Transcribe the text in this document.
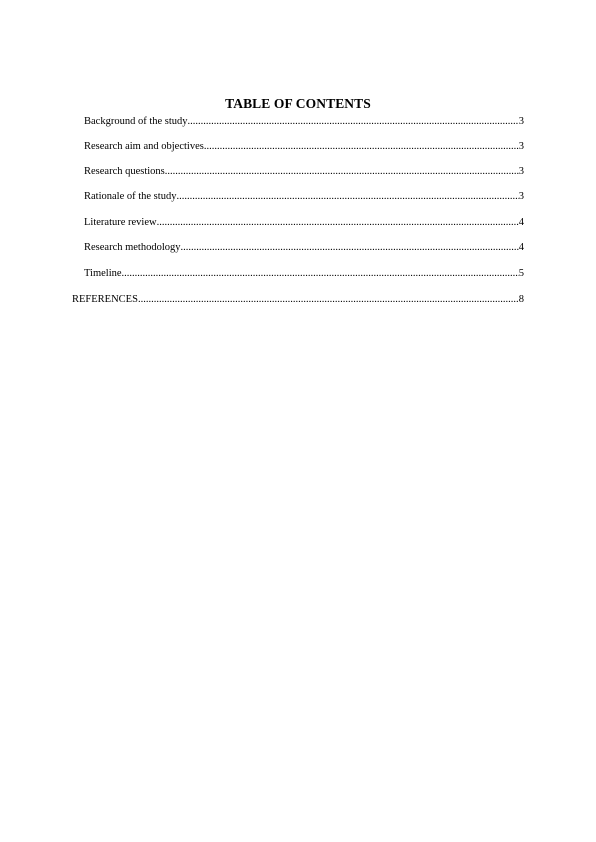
TABLE OF CONTENTS
Background of the study .....	3
Research aim and objectives .....	3
Research questions .....	3
Rationale of the study .....	3
Literature review .....	4
Research methodology .....	4
Timeline .....	5
REFERENCES .....	8
